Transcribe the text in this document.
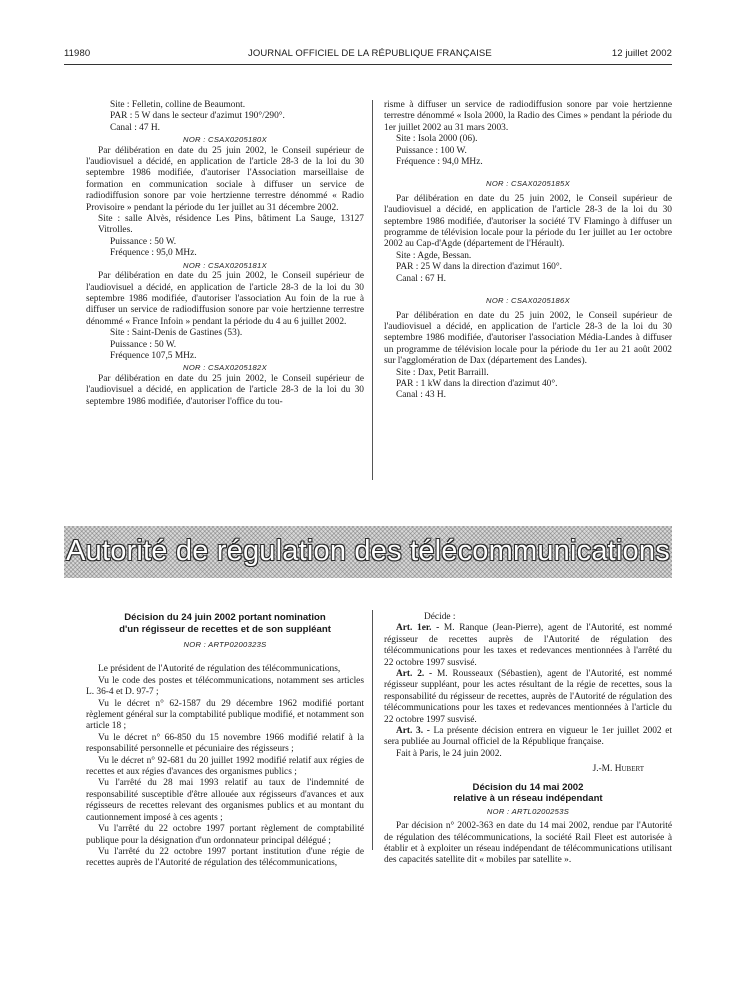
11980	JOURNAL OFFICIEL DE LA RÉPUBLIQUE FRANÇAISE	12 juillet 2002

Site : Felletin, colline de Beaumont.

PAR : 5 W dans le secteur d'azimut 190°/290°.

Canal : 47 H.

NOR : CSAX0205180X

Par délibération en date du 25 juin 2002, le Conseil supérieur de l'audiovisuel a décidé, en application de l'article 28-3 de la loi du 30 septembre 1986 modifiée, d'autoriser l'Association marseillaise de formation en communication sociale à diffuser un service de radiodiffusion sonore par voie hertzienne terrestre dénommé « Radio Provisoire » pendant la période du 1er juillet au 31 décembre 2002.

Site : salle Alvès, résidence Les Pins, bâtiment La Sauge, 13127 Vitrolles.

Puissance : 50 W.

Fréquence : 95,0 MHz.

NOR : CSAX0205181X

Par délibération en date du 25 juin 2002, le Conseil supérieur de l'audiovisuel a décidé, en application de l'article 28-3 de la loi du 30 septembre 1986 modifiée, d'autoriser l'association Au foin de la rue à diffuser un service de radiodiffusion sonore par voie hertzienne terrestre dénommé « France Infoin » pendant la période du 4 au 6 juillet 2002.

Site : Saint-Denis de Gastines (53).

Puissance : 50 W.

Fréquence 107,5 MHz.

NOR : CSAX0205182X

Par délibération en date du 25 juin 2002, le Conseil supérieur de l'audiovisuel a décidé, en application de l'article 28-3 de la loi du 30 septembre 1986 modifiée, d'autoriser l'office du tou-

risme à diffuser un service de radiodiffusion sonore par voie hertzienne terrestre dénommé « Isola 2000, la Radio des Cimes » pendant la période du 1er juillet 2002 au 31 mars 2003.

Site : Isola 2000 (06).

Puissance : 100 W.

Fréquence : 94,0 MHz.

NOR : CSAX0205185X

Par délibération en date du 25 juin 2002, le Conseil supérieur de l'audiovisuel a décidé, en application de l'article 28-3 de la loi du 30 septembre 1986 modifiée, d'autoriser la société TV Flamingo à diffuser un programme de télévision locale pour la période du 1er juillet au 1er octobre 2002 au Cap-d'Agde (département de l'Hérault).

Site : Agde, Bessan.

PAR : 25 W dans la direction d'azimut 160°.

Canal : 67 H.

NOR : CSAX0205186X

Par délibération en date du 25 juin 2002, le Conseil supérieur de l'audiovisuel a décidé, en application de l'article 28-3 de la loi du 30 septembre 1986 modifiée, d'autoriser l'association Média-Landes à diffuser un programme de télévision locale pour la période du 1er au 21 août 2002 sur l'agglomération de Dax (département des Landes).

Site : Dax, Petit Barraill.

PAR : 1 kW dans la direction d'azimut 40°.

Canal : 43 H.

Autorité de régulation des télécommunications

Décision du 24 juin 2002 portant nomination

d'un régisseur de recettes et de son suppléant

NOR : ARTP0200323S

Le président de l'Autorité de régulation des télécommunications,

Vu le code des postes et télécommunications, notamment ses articles L. 36-4 et D. 97-7 ;

Vu le décret n° 62-1587 du 29 décembre 1962 modifié portant règlement général sur la comptabilité publique modifié, et notamment son article 18 ;

Vu le décret n° 66-850 du 15 novembre 1966 modifié relatif à la responsabilité personnelle et pécuniaire des régisseurs ;

Vu le décret n° 92-681 du 20 juillet 1992 modifié relatif aux régies de recettes et aux régies d'avances des organismes publics ;

Vu l'arrêté du 28 mai 1993 relatif au taux de l'indemnité de responsabilité susceptible d'être allouée aux régisseurs d'avances et aux régisseurs de recettes relevant des organismes publics et au montant du cautionnement imposé à ces agents ;

Vu l'arrêté du 22 octobre 1997 portant règlement de comptabilité publique pour la désignation d'un ordonnateur principal délégué ;

Vu l'arrêté du 22 octobre 1997 portant institution d'une régie de recettes auprès de l'Autorité de régulation des télécommunications,

Décide :

Art. 1er. - M. Ranque (Jean-Pierre), agent de l'Autorité, est nommé régisseur de recettes auprès de l'Autorité de régulation des télécommunications pour les taxes et redevances mentionnées à l'arrêté du 22 octobre 1997 susvisé.

Art. 2. - M. Rousseaux (Sébastien), agent de l'Autorité, est nommé régisseur suppléant, pour les actes résultant de la régie de recettes, sous la responsabilité du régisseur de recettes, auprès de l'Autorité de régulation des télécommunications pour les taxes et redevances mentionnées à l'article du 22 octobre 1997 susvisé.

Art. 3. - La présente décision entrera en vigueur le 1er juillet 2002 et sera publiée au Journal officiel de la République française.

Fait à Paris, le 24 juin 2002.

J.-M. Hubert

Décision du 14 mai 2002

relative à un réseau indépendant

NOR : ARTL0200253S

Par décision n° 2002-363 en date du 14 mai 2002, rendue par l'Autorité de régulation des télécommunications, la société Rail Fleet est autorisée à établir et à exploiter un réseau indépendant de télécommunications utilisant des capacités satellite dit « mobiles par satellite ».
